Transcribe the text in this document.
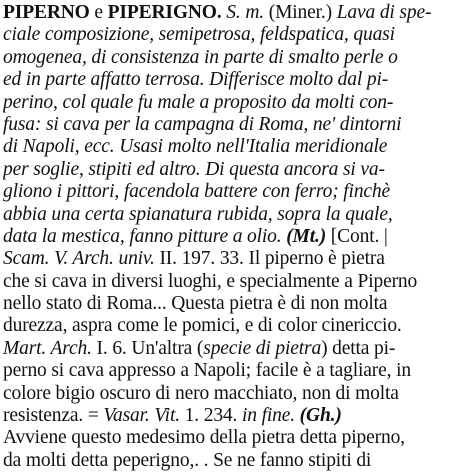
PIPERNO e PIPERIGNO. S. m. (Miner.) Lava di spe-
ciale composizione, semipetrosa, feldspatica, quasi
omogenea, di consistenza in parte di smalto perle o
ed in parte affatto terrosa. Differisce molto dal pi-
perino, col quale fu male a proposito da molti con-
fusa: si cava per la campagna di Roma, ne' dintorni
di Napoli, ecc. Usasi molto nell'Italia meridionale
per soglie, stipiti ed altro. Di questa ancora si va-
gliono i pittori, facendola battere con ferro; finchè
abbia una certa spianatura rubida, sopra la quale,
data la mestica, fanno pitture a olio. (Mt.) [Cont. |
Scam. V. Arch. univ. II. 197. 33. Il piperno è pietra
che si cava in diversi luoghi, e specialmente a Piperno
nello stato di Roma... Questa pietra è di non molta
durezza, aspra come le pomici, e di color cinericcio.
Mart. Arch. I. 6. Un'altra (specie di pietra) detta pi-
perno si cava appresso a Napoli; facile è a tagliare, in
colore bigio oscuro di nero macchiato, non di molta
resistenza. = Vasar. Vit. 1. 234. in fine. (Gh.)
Avviene questo medesimo della pietra detta piperno,
da molti detta peperigno,. . Se ne fanno stipiti di
